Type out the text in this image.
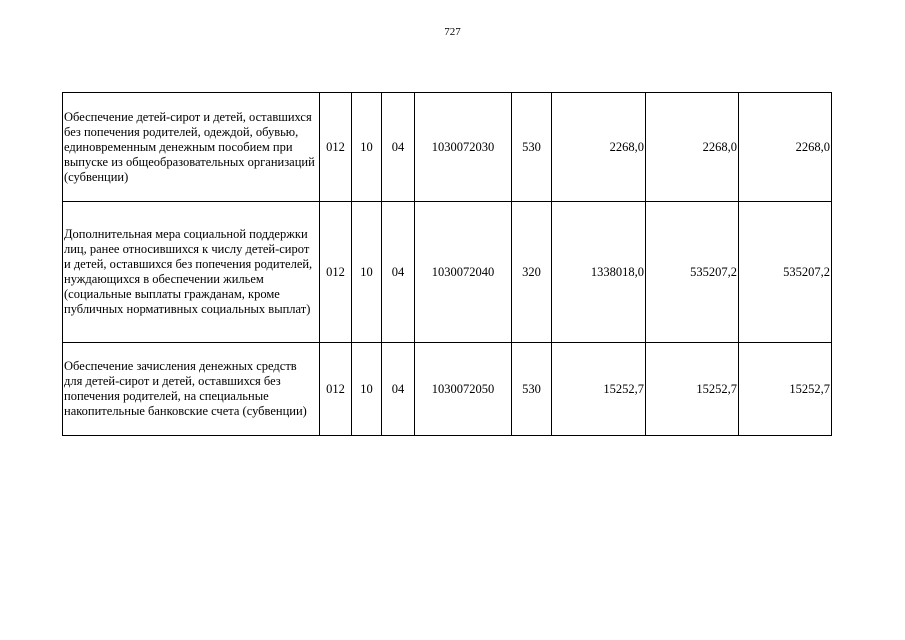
727
Обеспечение детей-сирот и детей, оставшихся без попечения родителей, одеждой, обувью, единовременным денежным пособием при выпуске из общеобразовательных организаций (субвенции)	012	10	04	1030072030	530	2268,0	2268,0	2268,0
Дополнительная мера социальной поддержки лиц, ранее относившихся к числу детей-сирот и детей, оставшихся без попечения родителей, нуждающихся в обеспечении жильем (социальные выплаты гражданам, кроме публичных нормативных социальных выплат)	012	10	04	1030072040	320	1338018,0	535207,2	535207,2
Обеспечение зачисления денежных средств для детей-сирот и детей, оставшихся без попечения родителей, на специальные накопительные банковские счета (субвенции)	012	10	04	1030072050	530	15252,7	15252,7	15252,7
